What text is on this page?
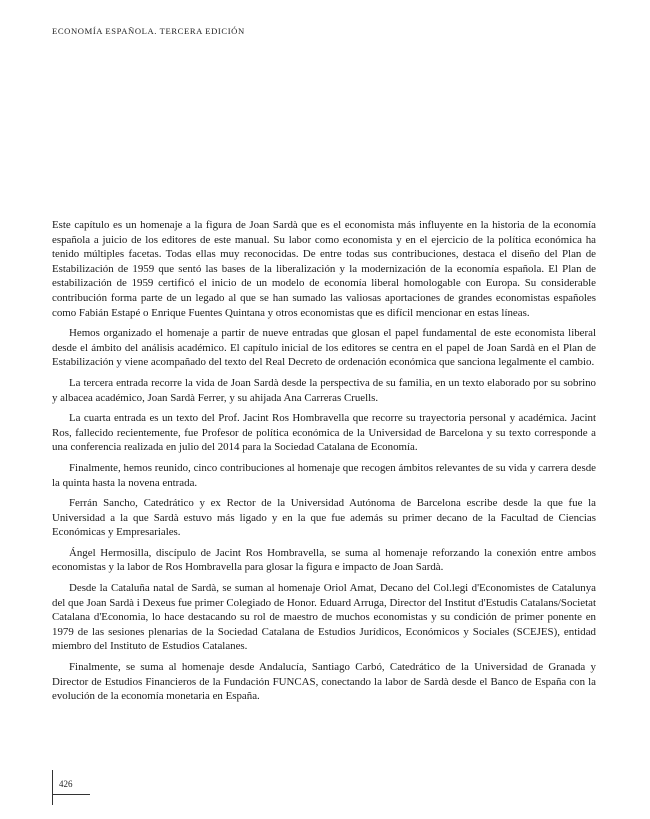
ECONOMÍA ESPAÑOLA. TERCERA EDICIÓN

Este capítulo es un homenaje a la figura de Joan Sardà que es el economista más influyente en la historia de la economía española a juicio de los editores de este manual. Su labor como economista y en el ejercicio de la política económica ha tenido múltiples facetas. Todas ellas muy reconocidas. De entre todas sus contribuciones, destaca el diseño del Plan de Estabilización de 1959 que sentó las bases de la liberalización y la modernización de la economía española. El Plan de estabilización de 1959 certificó el inicio de un modelo de economía liberal homologable con Europa. Su considerable contribución forma parte de un legado al que se han sumado las valiosas aportaciones de grandes economistas españoles como Fabián Estapé o Enrique Fuentes Quintana y otros economistas que es difícil mencionar en estas líneas.

Hemos organizado el homenaje a partir de nueve entradas que glosan el papel fundamental de este economista liberal desde el ámbito del análisis académico. El capítulo inicial de los editores se centra en el papel de Joan Sardà en el Plan de Estabilización y viene acompañado del texto del Real Decreto de ordenación económica que sanciona legalmente el cambio.

La tercera entrada recorre la vida de Joan Sardà desde la perspectiva de su familia, en un texto elaborado por su sobrino y albacea académico, Joan Sardà Ferrer, y su ahijada Ana Carreras Cruells.

La cuarta entrada es un texto del Prof. Jacint Ros Hombravella que recorre su trayectoria personal y académica. Jacint Ros, fallecido recientemente, fue Profesor de política económica de la Universidad de Barcelona y su texto corresponde a una conferencia realizada en julio del 2014 para la Sociedad Catalana de Economía.

Finalmente, hemos reunido, cinco contribuciones al homenaje que recogen ámbitos relevantes de su vida y carrera desde la quinta hasta la novena entrada.

Ferrán Sancho, Catedrático y ex Rector de la Universidad Autónoma de Barcelona escribe desde la que fue la Universidad a la que Sardà estuvo más ligado y en la que fue además su primer decano de la Facultad de Ciencias Económicas y Empresariales.

Ángel Hermosilla, discípulo de Jacint Ros Hombravella, se suma al homenaje reforzando la conexión entre ambos economistas y la labor de Ros Hombravella para glosar la figura e impacto de Joan Sardà.

Desde la Cataluña natal de Sardà, se suman al homenaje Oriol Amat, Decano del Col.legi d'Economistes de Catalunya del que Joan Sardà i Dexeus fue primer Colegiado de Honor. Eduard Arruga, Director del Institut d'Estudis Catalans/Societat Catalana d'Economia, lo hace destacando su rol de maestro de muchos economistas y su condición de primer ponente en 1979 de las sesiones plenarias de la Sociedad Catalana de Estudios Jurídicos, Económicos y Sociales (SCEJES), entidad miembro del Instituto de Estudios Catalanes.

Finalmente, se suma al homenaje desde Andalucía, Santiago Carbó, Catedrático de la Universidad de Granada y Director de Estudios Financieros de la Fundación FUNCAS, conectando la labor de Sardà desde el Banco de España con la evolución de la economía monetaria en España.

426
